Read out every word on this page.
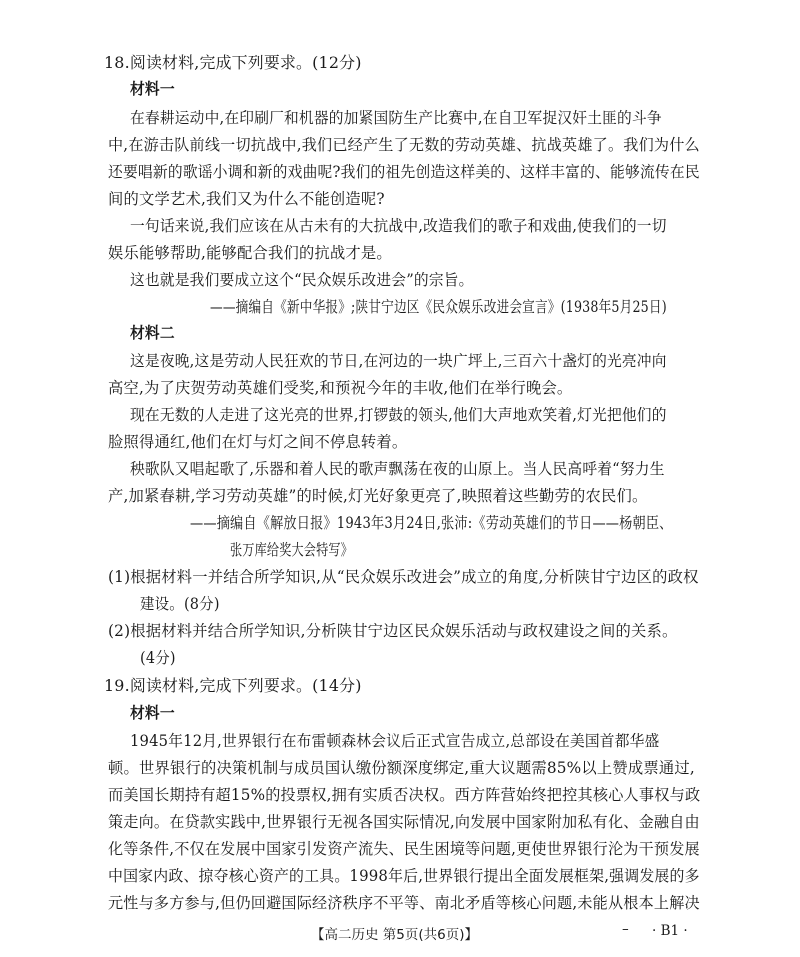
18.阅读材料,完成下列要求。(12分)
材料一
在春耕运动中,在印刷厂和机器的加紧国防生产比赛中,在自卫军捉汉奸土匪的斗争
中,在游击队前线一切抗战中,我们已经产生了无数的劳动英雄、抗战英雄了。我们为什么
还要唱新的歌谣小调和新的戏曲呢?我们的祖先创造这样美的、这样丰富的、能够流传在民
间的文学艺术,我们又为什么不能创造呢?
一句话来说,我们应该在从古未有的大抗战中,改造我们的歌子和戏曲,使我们的一切
娱乐能够帮助,能够配合我们的抗战才是。
这也就是我们要成立这个“民众娱乐改进会”的宗旨。
——摘编自《新中华报》;陕甘宁边区《民众娱乐改进会宣言》(1938年5月25日)
材料二
这是夜晚,这是劳动人民狂欢的节日,在河边的一块广坪上,三百六十盏灯的光亮冲向
高空,为了庆贺劳动英雄们受奖,和预祝今年的丰收,他们在举行晚会。
现在无数的人走进了这光亮的世界,打锣鼓的领头,他们大声地欢笑着,灯光把他们的
脸照得通红,他们在灯与灯之间不停息转着。
秧歌队又唱起歌了,乐器和着人民的歌声飘荡在夜的山原上。当人民高呼着“努力生
产,加紧春耕,学习劳动英雄”的时候,灯光好象更亮了,映照着这些勤劳的农民们。
——摘编自《解放日报》1943年3月24日,张沛:《劳动英雄们的节日——杨朝臣、
张万库给奖大会特写》
(1)根据材料一并结合所学知识,从“民众娱乐改进会”成立的角度,分析陕甘宁边区的政权
建设。(8分)
(2)根据材料并结合所学知识,分析陕甘宁边区民众娱乐活动与政权建设之间的关系。
(4分)
19.阅读材料,完成下列要求。(14分)
材料一
1945年12月,世界银行在布雷顿森林会议后正式宣告成立,总部设在美国首都华盛
顿。世界银行的决策机制与成员国认缴份额深度绑定,重大议题需85%以上赞成票通过,
而美国长期持有超15%的投票权,拥有实质否决权。西方阵营始终把控其核心人事权与政
策走向。在贷款实践中,世界银行无视各国实际情况,向发展中国家附加私有化、金融自由
化等条件,不仅在发展中国家引发资产流失、民生困境等问题,更使世界银行沦为干预发展
中国家内政、掠夺核心资产的工具。1998年后,世界银行提出全面发展框架,强调发展的多
元性与多方参与,但仍回避国际经济秩序不平等、南北矛盾等核心问题,未能从根本上解决
【高二历史 第5页(共6页)】	– · B1 ·
